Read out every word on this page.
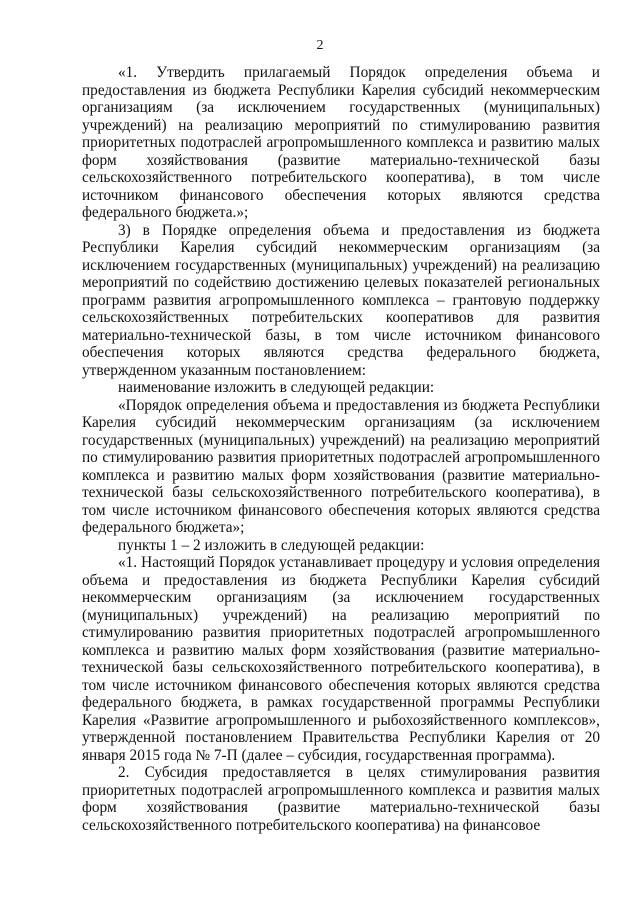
2

«1. Утвердить прилагаемый Порядок определения объема и предоставления из бюджета Республики Карелия субсидий некоммерческим организациям (за исключением государственных (муниципальных) учреждений) на реализацию мероприятий по стимулированию развития приоритетных подотраслей агропромышленного комплекса и развитию малых форм хозяйствования (развитие материально-технической базы сельскохозяйственного потребительского кооператива), в том числе источником финансового обеспечения которых являются средства федерального бюджета.»;

3) в Порядке определения объема и предоставления из бюджета Республики Карелия субсидий некоммерческим организациям (за исключением государственных (муниципальных) учреждений) на реализацию мероприятий по содействию достижению целевых показателей региональных программ развития агропромышленного комплекса – грантовую поддержку сельскохозяйственных потребительских кооперативов для развития материально-технической базы, в том числе источником финансового обеспечения которых являются средства федерального бюджета, утвержденном указанным постановлением:

наименование изложить в следующей редакции:

«Порядок определения объема и предоставления из бюджета Республики Карелия субсидий некоммерческим организациям (за исключением государственных (муниципальных) учреждений) на реализацию мероприятий по стимулированию развития приоритетных подотраслей агропромышленного комплекса и развитию малых форм хозяйствования (развитие материально-технической базы сельскохозяйственного потребительского кооператива), в том числе источником финансового обеспечения которых являются средства федерального бюджета»;

пункты 1 – 2 изложить в следующей редакции:

«1. Настоящий Порядок устанавливает процедуру и условия определения объема и предоставления из бюджета Республики Карелия субсидий некоммерческим организациям (за исключением государственных (муниципальных) учреждений) на реализацию мероприятий по стимулированию развития приоритетных подотраслей агропромышленного комплекса и развитию малых форм хозяйствования (развитие материально-технической базы сельскохозяйственного потребительского кооператива), в том числе источником финансового обеспечения которых являются средства федерального бюджета, в рамках государственной программы Республики Карелия «Развитие агропромышленного и рыбохозяйственного комплексов», утвержденной постановлением Правительства Республики Карелия от 20 января 2015 года № 7-П (далее – субсидия, государственная программа).

2. Субсидия предоставляется в целях стимулирования развития приоритетных подотраслей агропромышленного комплекса и развития малых форм хозяйствования (развитие материально-технической базы сельскохозяйственного потребительского кооператива) на финансовое
